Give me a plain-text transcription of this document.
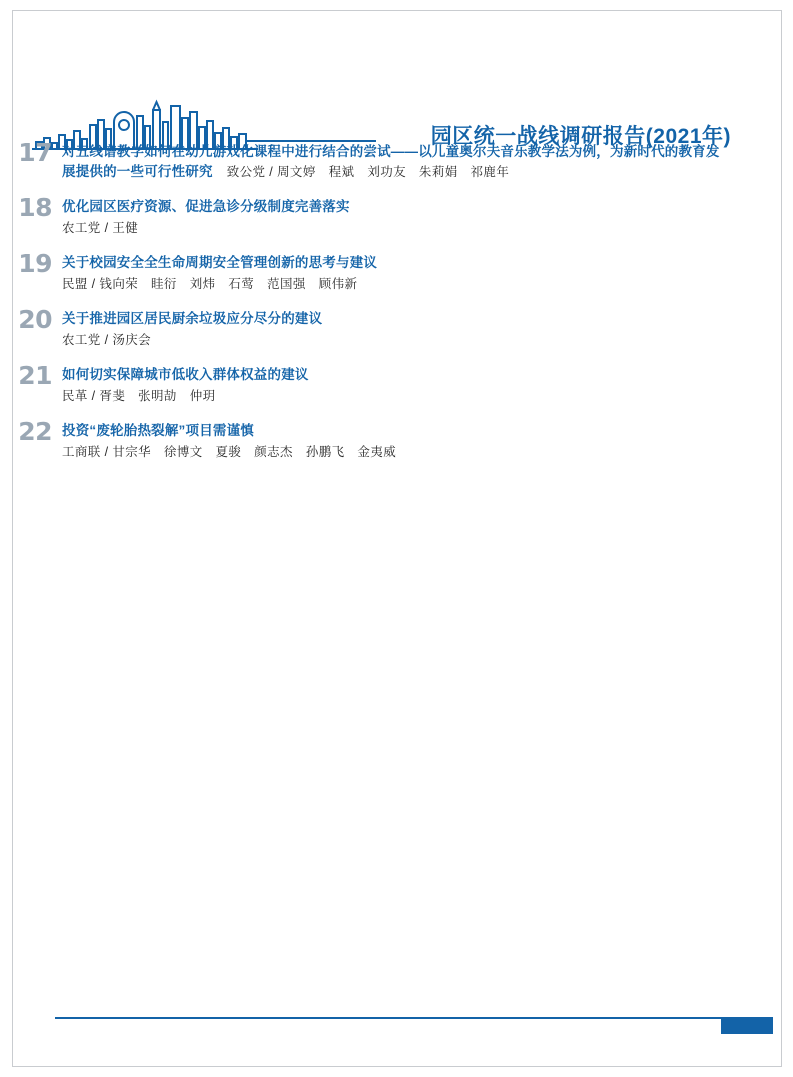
园区统一战线调研报告(2021年)
17 对五线谱教学如何在幼儿游戏化课程中进行结合的尝试——以儿童奥尔夫音乐教学法为例，为新时代的教育发展提供的一些可行性研究 致公党 / 周文婷　程斌　刘功友　朱莉娟　祁鹿年
18 优化园区医疗资源、促进急诊分级制度完善落实
农工党 / 王健
19 关于校园安全全生命周期安全管理创新的思考与建议
民盟 / 钱向荣　眭衍　刘炜　石莺　范国强　顾伟新
20 关于推进园区居民厨余垃圾应分尽分的建议
农工党 / 汤庆会
21 如何切实保障城市低收入群体权益的建议
民革 / 胥斐　张明劼　仲玥
22 投资“废轮胎热裂解”项目需谨慎
工商联 / 甘宗华　徐博文　夏骏　颜志杰　孙鹏飞　金夷威
